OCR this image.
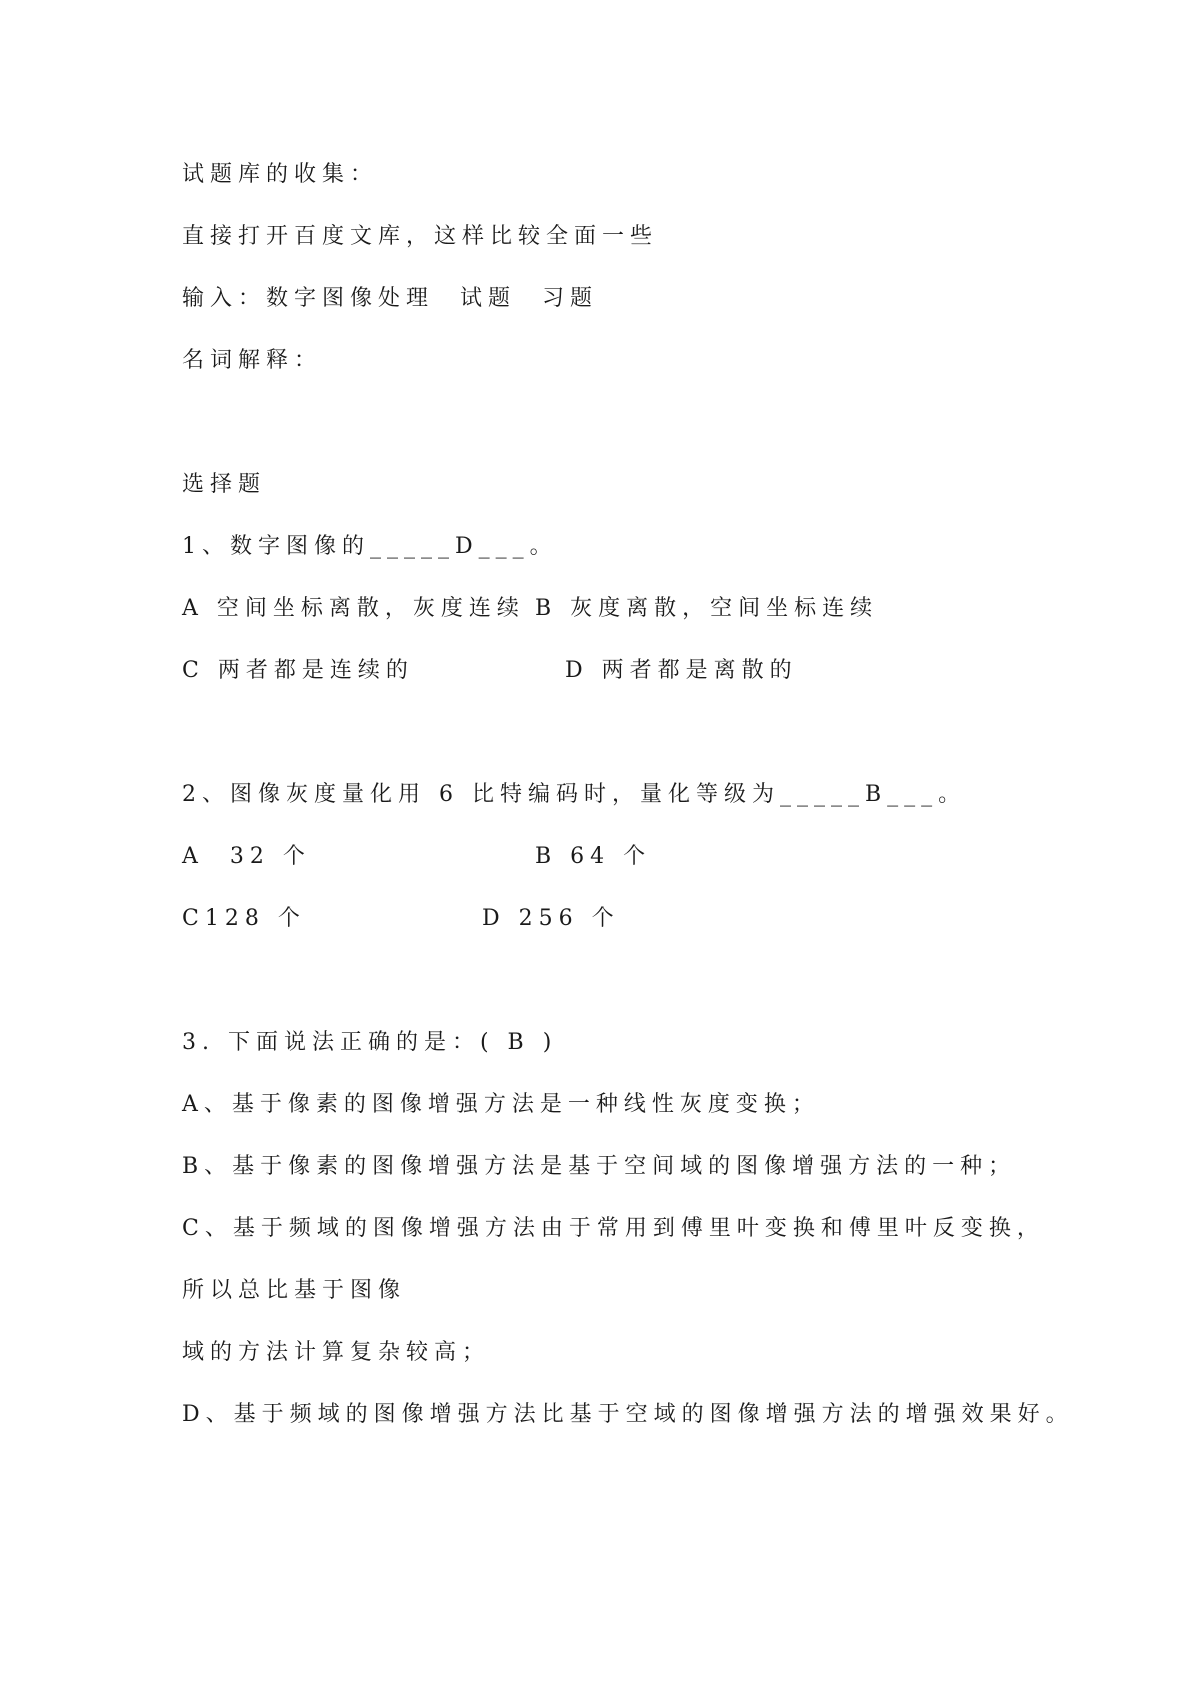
试题库的收集：
直接打开百度文库，这样比较全面一些
输入：数字图像处理  试题  习题
名词解释：
选择题
1、数字图像的_____D___。
A 空间坐标离散，灰度连续 B 灰度离散，空间坐标连续
C 两者都是连续的	D 两者都是离散的
2、图像灰度量化用 6 比特编码时，量化等级为_____B___。
A  32 个	B 64 个
C128 个	D 256 个
3. 下面说法正确的是：( B )
A、基于像素的图像增强方法是一种线性灰度变换；
B、基于像素的图像增强方法是基于空间域的图像增强方法的一种；
C、基于频域的图像增强方法由于常用到傅里叶变换和傅里叶反变换，
所以总比基于图像
域的方法计算复杂较高；
D、基于频域的图像增强方法比基于空域的图像增强方法的增强效果好。
